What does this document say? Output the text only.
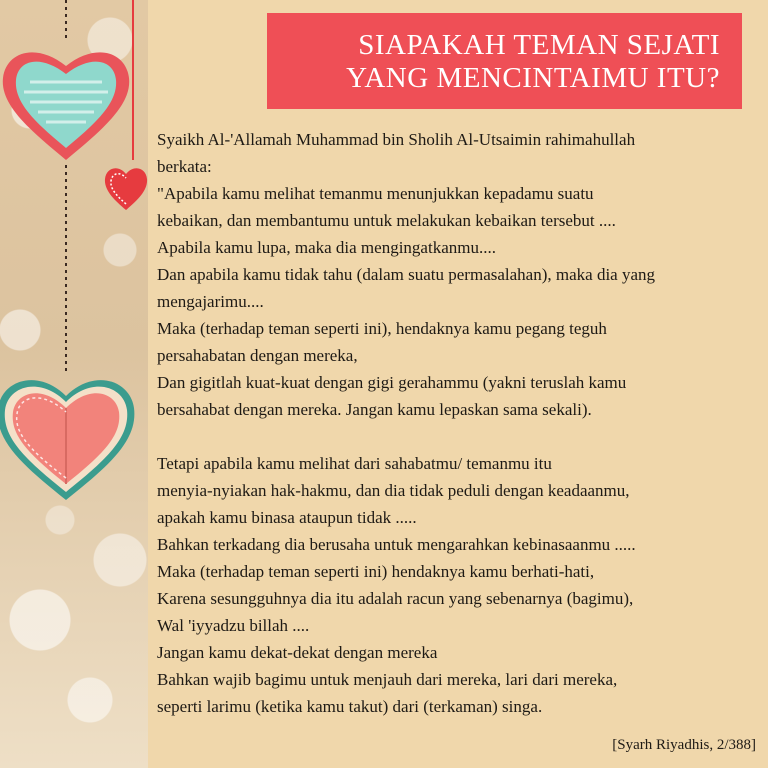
SIAPAKAH TEMAN SEJATI
YANG MENCINTAIMU ITU?
Syaikh Al-'Allamah Muhammad bin Sholih Al-Utsaimin rahimahullah
berkata:
"Apabila kamu melihat temanmu menunjukkan kepadamu suatu
kebaikan, dan membantumu untuk melakukan kebaikan tersebut ....
Apabila kamu lupa, maka dia mengingatkanmu....
Dan apabila kamu tidak tahu (dalam suatu permasalahan), maka dia yang
mengajarimu....
Maka (terhadap teman seperti ini), hendaknya kamu pegang teguh
persahabatan dengan mereka,
Dan gigitlah kuat-kuat dengan gigi gerahammu (yakni teruslah kamu
bersahabat dengan mereka. Jangan kamu lepaskan sama sekali).
Tetapi apabila kamu melihat dari sahabatmu/ temanmu itu
menyia-nyiakan hak-hakmu, dan dia tidak peduli dengan keadaanmu,
apakah kamu binasa ataupun tidak .....
Bahkan terkadang dia berusaha untuk mengarahkan kebinasaanmu .....
Maka (terhadap teman seperti ini) hendaknya kamu berhati-hati,
Karena sesungguhnya dia itu adalah racun yang sebenarnya (bagimu),
Wal 'iyyadzu billah ....
Jangan kamu dekat-dekat dengan mereka
Bahkan wajib bagimu untuk menjauh dari mereka, lari dari mereka,
seperti larimu (ketika kamu takut) dari (terkaman) singa.
[Syarh Riyadhis, 2/388]
